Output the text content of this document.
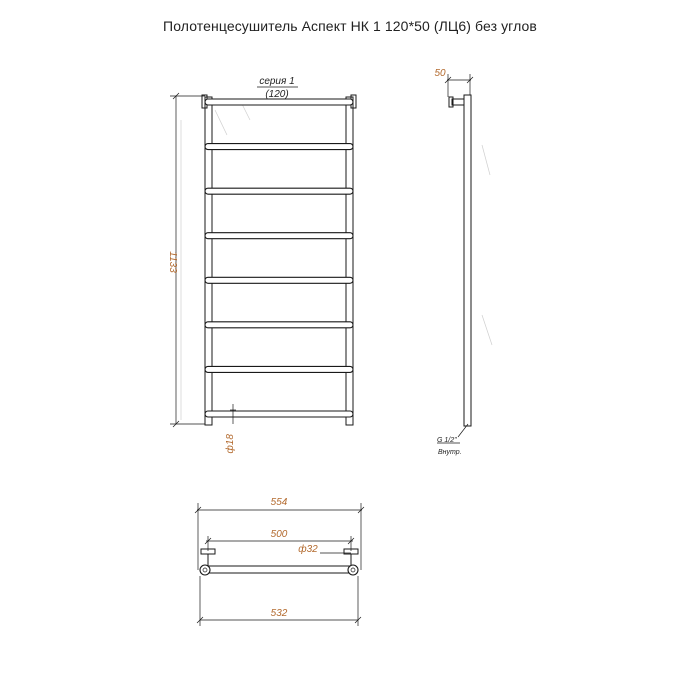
Полотенцесушитель Аспект НК 1 120*50 (ЛЦ6) без углов
1133
серия 1
(120)
ф18
50
G 1/2"
Внутр.
554
500
ф32
532
